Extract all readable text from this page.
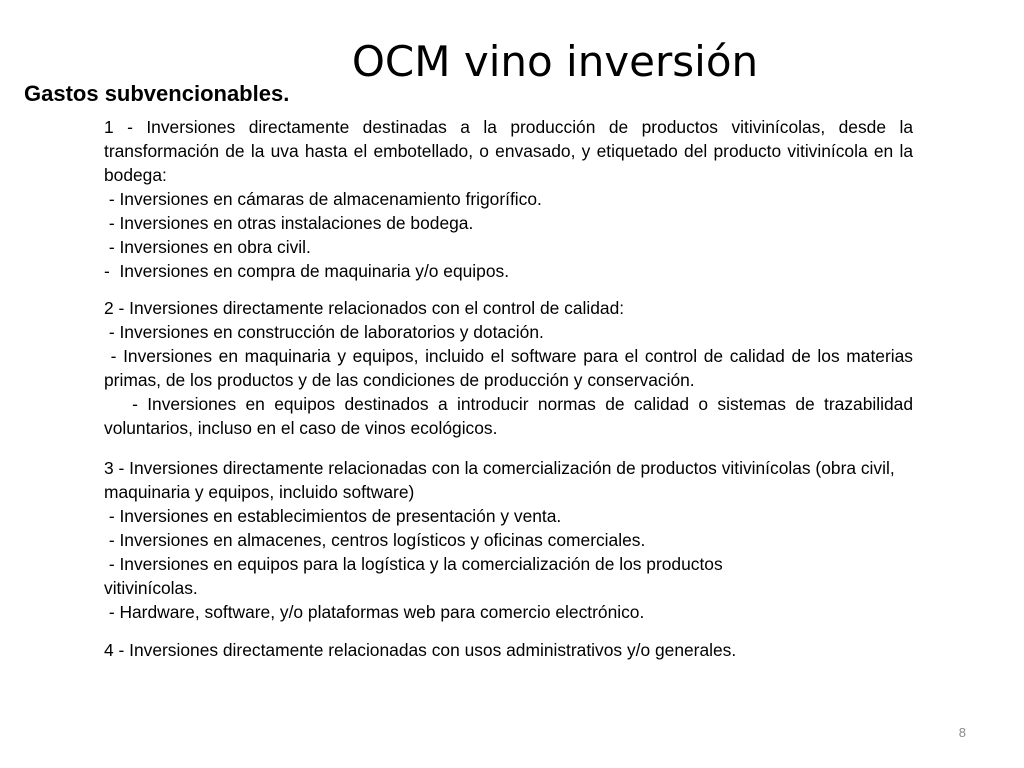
OCM vino inversión
Gastos subvencionables.
1 - Inversiones directamente destinadas a la producción de productos vitivinícolas, desde la transformación de la uva hasta el embotellado, o envasado, y etiquetado del producto vitivinícola en la bodega:
- Inversiones en cámaras de almacenamiento frigorífico.
- Inversiones en otras instalaciones de bodega.
- Inversiones en obra civil.
-  Inversiones en compra de maquinaria y/o equipos.
2 - Inversiones directamente relacionados con el control de calidad:
- Inversiones en construcción de laboratorios y dotación.
- Inversiones en maquinaria y equipos, incluido el software para el control de calidad de los materias primas, de los productos y de las condiciones de producción y conservación.
- Inversiones en equipos destinados a introducir normas de calidad o sistemas de trazabilidad voluntarios, incluso en el caso de vinos ecológicos.
3 - Inversiones directamente relacionadas con la comercialización de productos vitivinícolas (obra civil, maquinaria y equipos, incluido software)
- Inversiones en establecimientos de presentación y venta.
- Inversiones en almacenes, centros logísticos y oficinas comerciales.
- Inversiones en equipos para la logística y la comercialización de los productos vitivinícolas.
- Hardware, software, y/o plataformas web para comercio electrónico.
4 - Inversiones directamente relacionadas con usos administrativos y/o generales.
8
